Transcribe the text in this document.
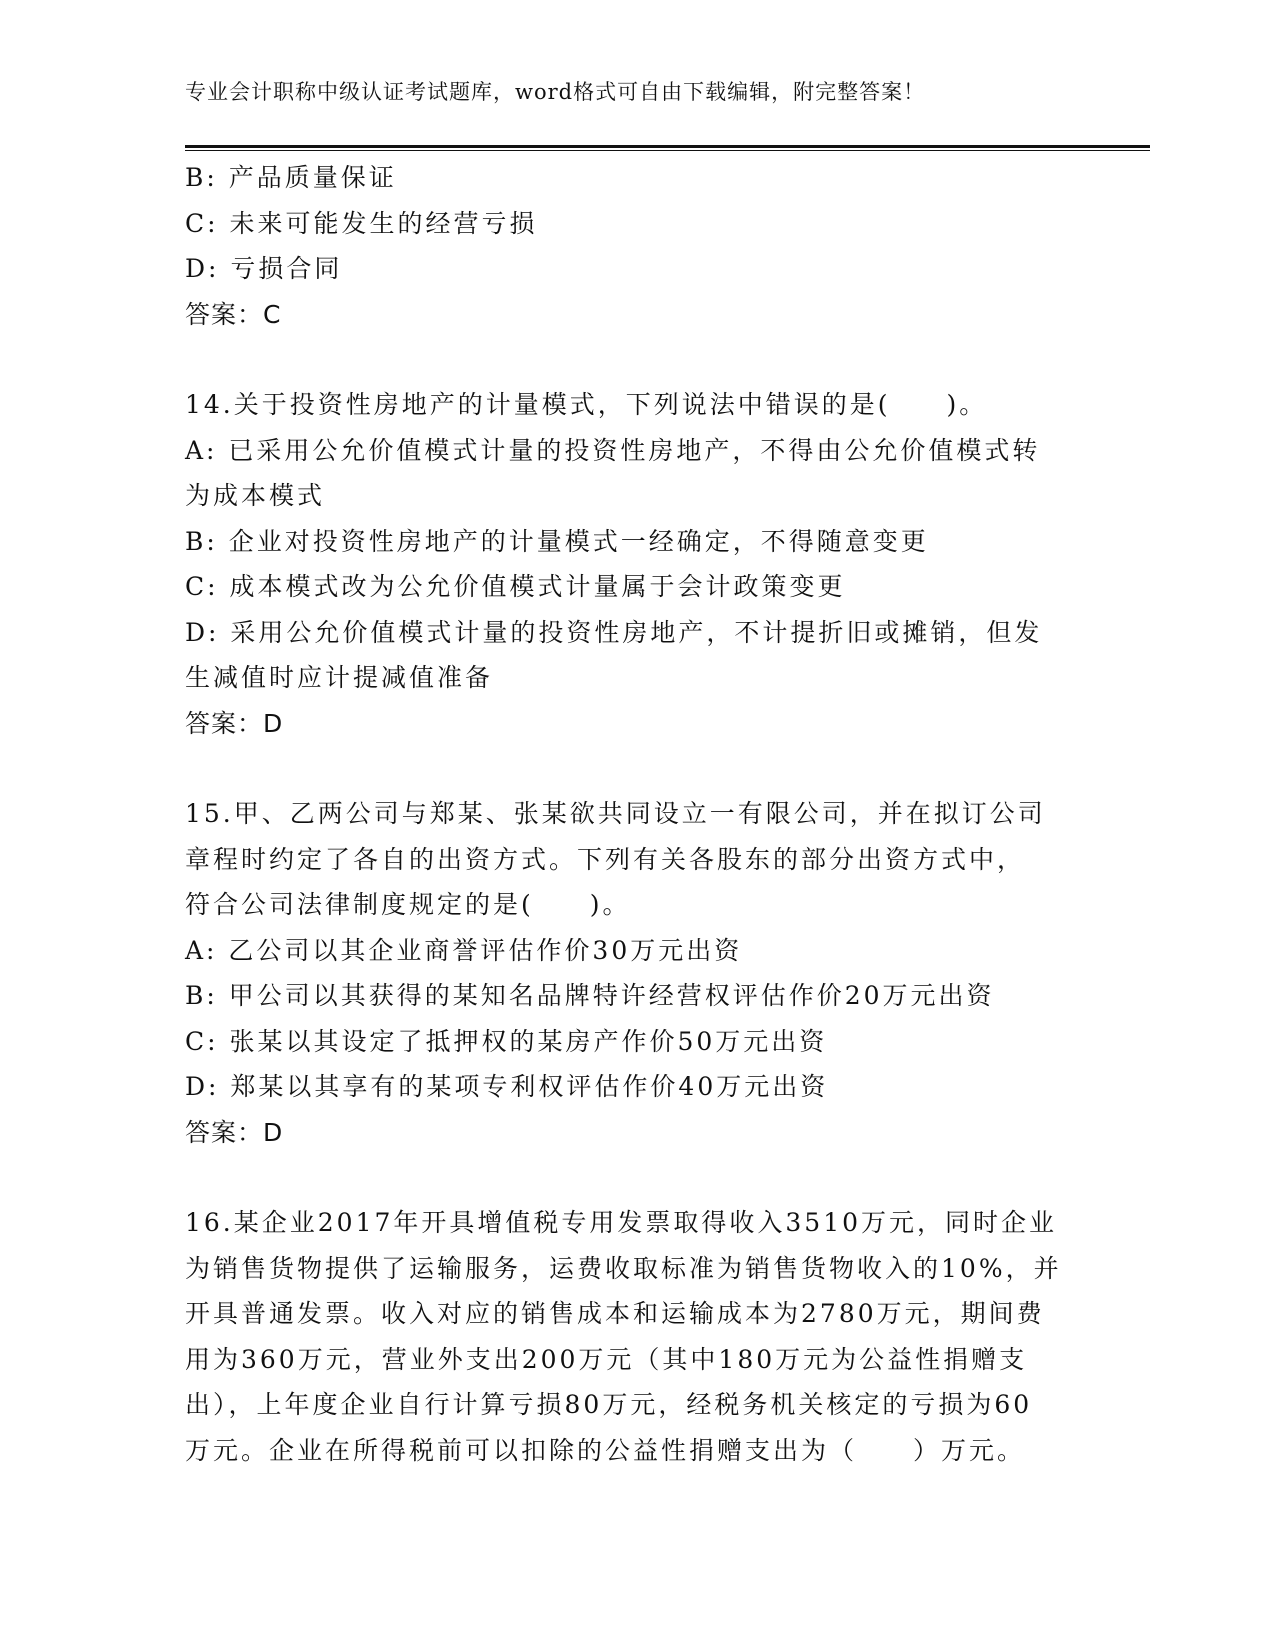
专业会计职称中级认证考试题库，word格式可自由下载编辑，附完整答案！
B: 产品质量保证
C: 未来可能发生的经营亏损
D: 亏损合同
答案：C
14.关于投资性房地产的计量模式，下列说法中错误的是(　　)。
A: 已采用公允价值模式计量的投资性房地产，不得由公允价值模式转
为成本模式
B: 企业对投资性房地产的计量模式一经确定，不得随意变更
C: 成本模式改为公允价值模式计量属于会计政策变更
D: 采用公允价值模式计量的投资性房地产，不计提折旧或摊销，但发
生减值时应计提减值准备
答案：D
15.甲、乙两公司与郑某、张某欲共同设立一有限公司，并在拟订公司
章程时约定了各自的出资方式。下列有关各股东的部分出资方式中，
符合公司法律制度规定的是(　　)。
A: 乙公司以其企业商誉评估作价30万元出资
B: 甲公司以其获得的某知名品牌特许经营权评估作价20万元出资
C: 张某以其设定了抵押权的某房产作价50万元出资
D: 郑某以其享有的某项专利权评估作价40万元出资
答案：D
16.某企业2017年开具增值税专用发票取得收入3510万元，同时企业
为销售货物提供了运输服务，运费收取标准为销售货物收入的10%，并
开具普通发票。收入对应的销售成本和运输成本为2780万元，期间费
用为360万元，营业外支出200万元（其中180万元为公益性捐赠支
出），上年度企业自行计算亏损80万元，经税务机关核定的亏损为60
万元。企业在所得税前可以扣除的公益性捐赠支出为（　　）万元。
